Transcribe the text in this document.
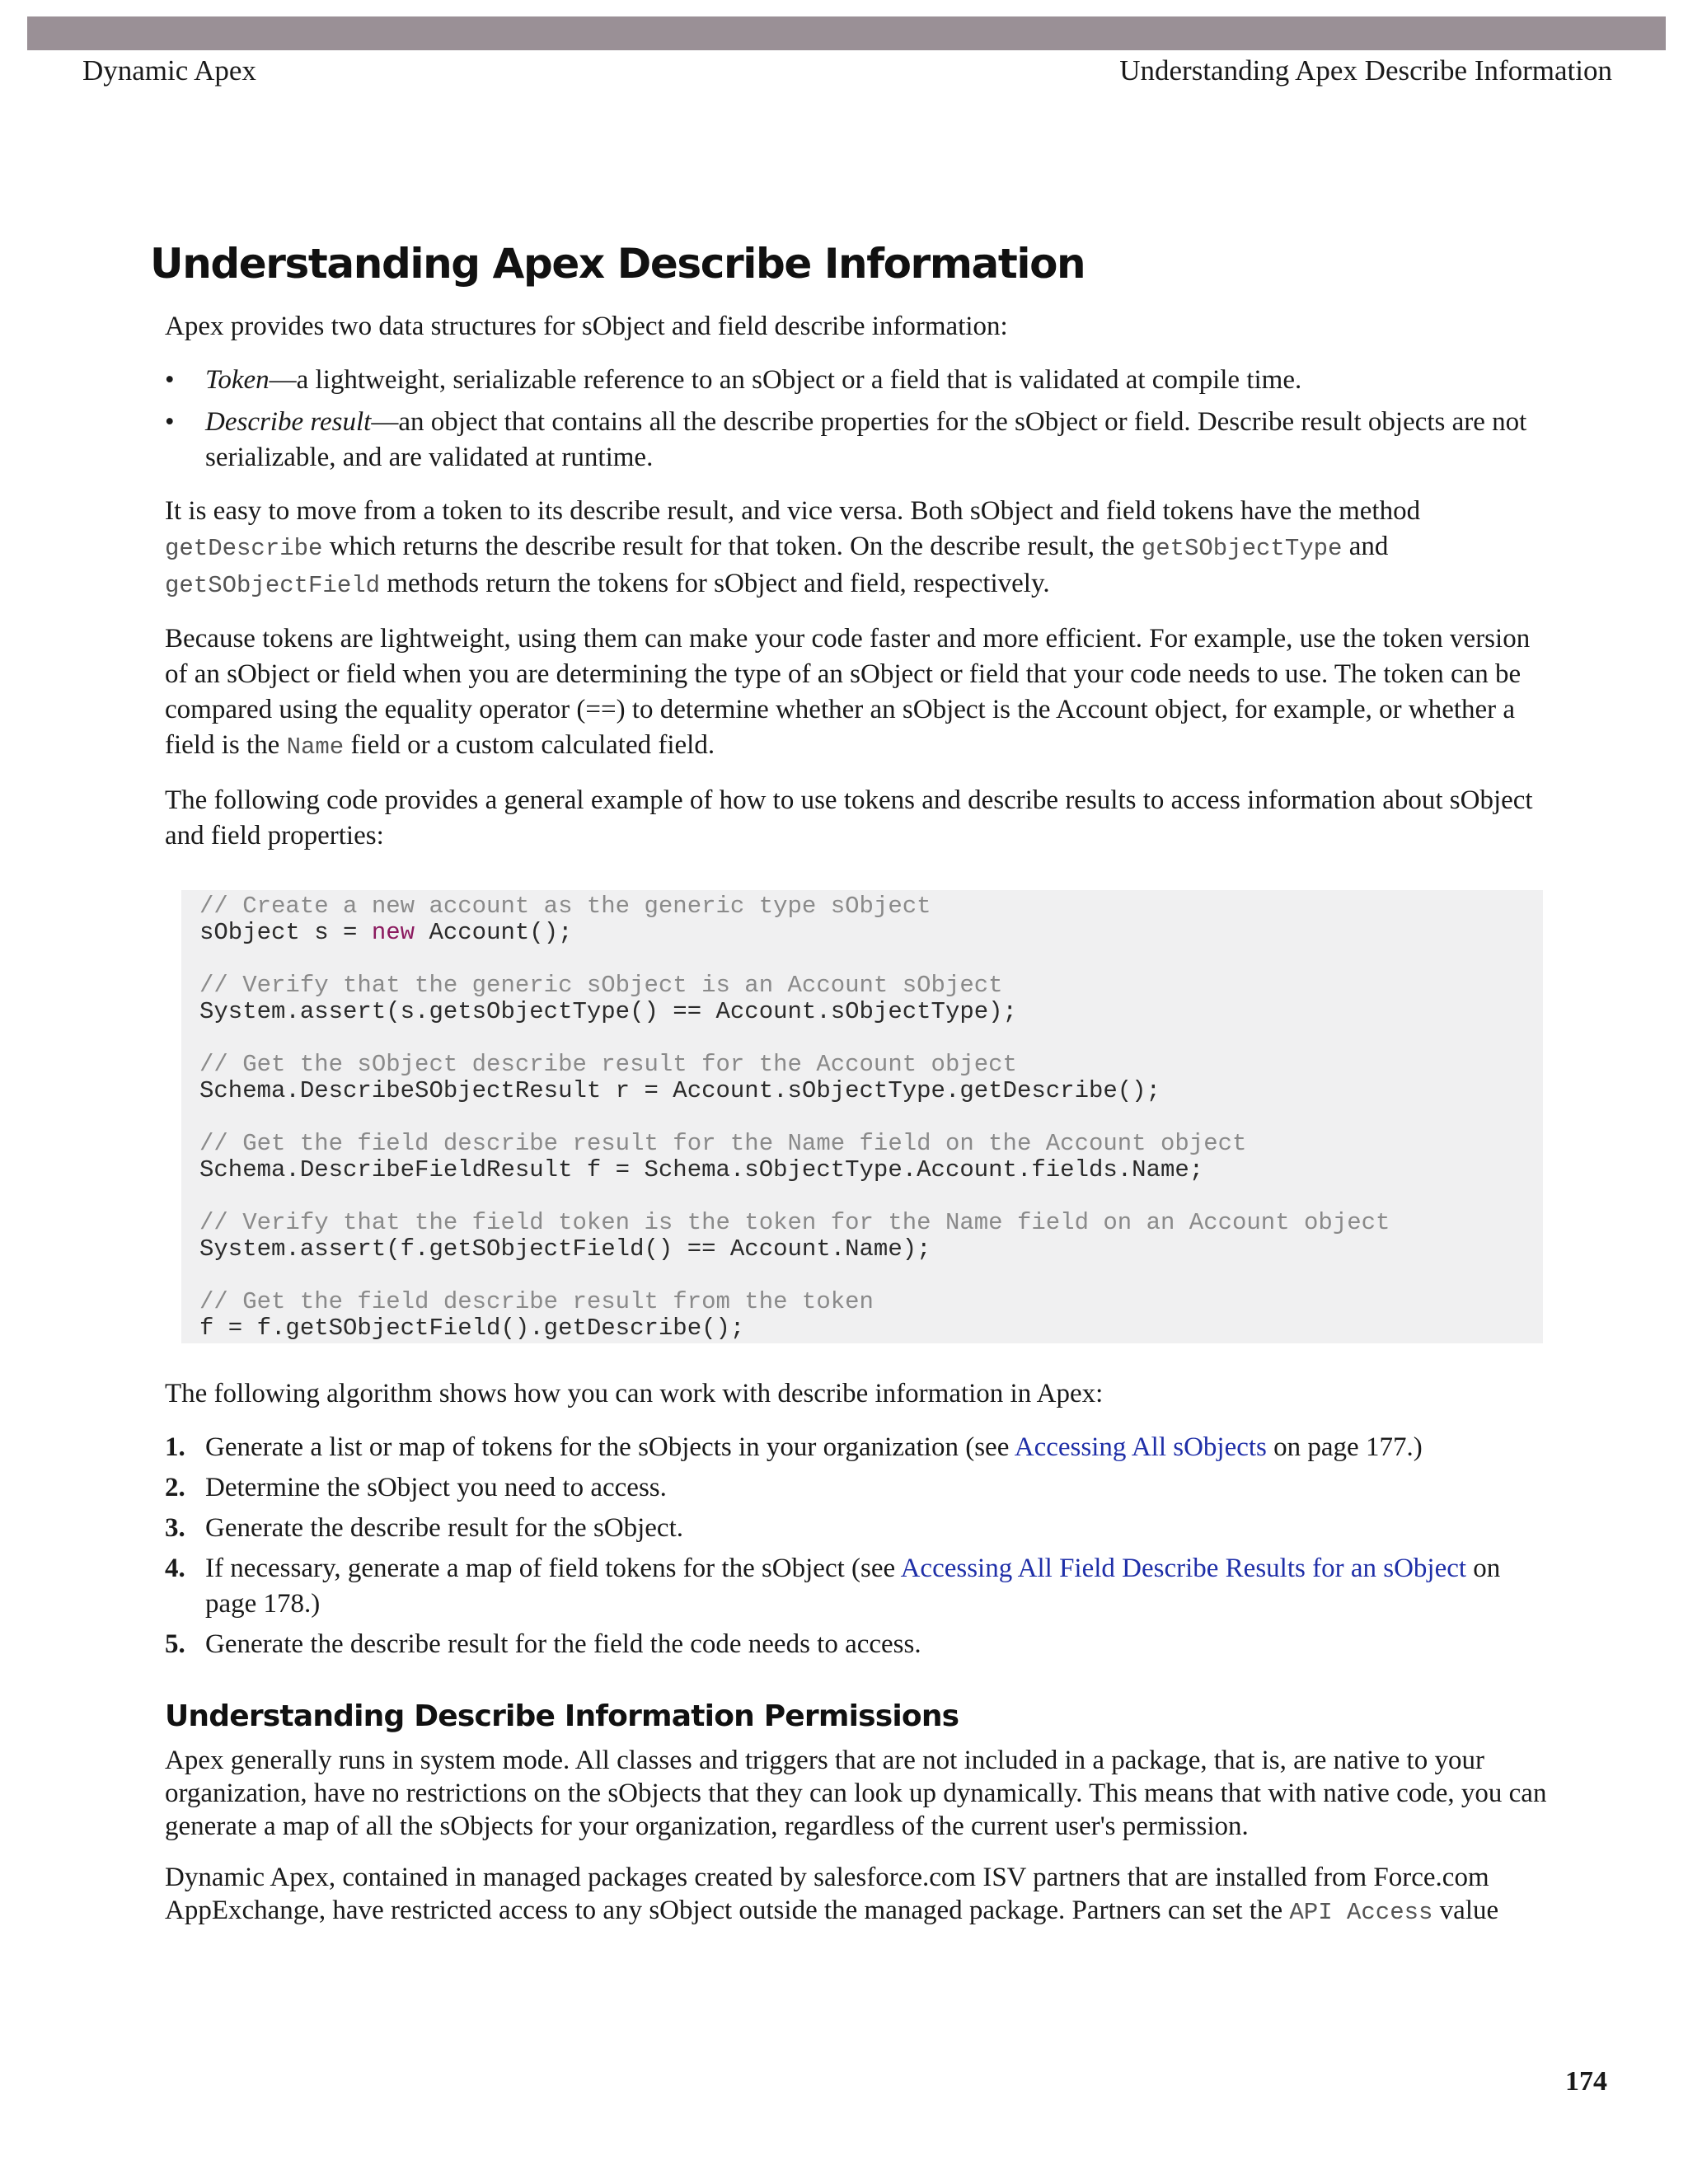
Dynamic Apex	Understanding Apex Describe Information
Understanding Apex Describe Information

Apex provides two data structures for sObject and field describe information:

• Token—a lightweight, serializable reference to an sObject or a field that is validated at compile time.
• Describe result—an object that contains all the describe properties for the sObject or field. Describe result objects are not serializable, and are validated at runtime.

It is easy to move from a token to its describe result, and vice versa. Both sObject and field tokens have the method getDescribe which returns the describe result for that token. On the describe result, the getSObjectType and getSObjectField methods return the tokens for sObject and field, respectively.

Because tokens are lightweight, using them can make your code faster and more efficient. For example, use the token version of an sObject or field when you are determining the type of an sObject or field that your code needs to use. The token can be compared using the equality operator (==) to determine whether an sObject is the Account object, for example, or whether a field is the Name field or a custom calculated field.

The following code provides a general example of how to use tokens and describe results to access information about sObject and field properties:

// Create a new account as the generic type sObject
sObject s = new Account();
// Verify that the generic sObject is an Account sObject
System.assert(s.getsObjectType() == Account.sObjectType);
// Get the sObject describe result for the Account object
Schema.DescribeSObjectResult r = Account.sObjectType.getDescribe();
// Get the field describe result for the Name field on the Account object
Schema.DescribeFieldResult f = Schema.sObjectType.Account.fields.Name;
// Verify that the field token is the token for the Name field on an Account object
System.assert(f.getSObjectField() == Account.Name);
// Get the field describe result from the token
f = f.getSObjectField().getDescribe();

The following algorithm shows how you can work with describe information in Apex:

1. Generate a list or map of tokens for the sObjects in your organization (see Accessing All sObjects on page 177.)
2. Determine the sObject you need to access.
3. Generate the describe result for the sObject.
4. If necessary, generate a map of field tokens for the sObject (see Accessing All Field Describe Results for an sObject on page 178.)
5. Generate the describe result for the field the code needs to access.
Understanding Describe Information Permissions

Apex generally runs in system mode. All classes and triggers that are not included in a package, that is, are native to your organization, have no restrictions on the sObjects that they can look up dynamically. This means that with native code, you can generate a map of all the sObjects for your organization, regardless of the current user's permission.

Dynamic Apex, contained in managed packages created by salesforce.com ISV partners that are installed from Force.com AppExchange, have restricted access to any sObject outside the managed package. Partners can set the API Access value

174
